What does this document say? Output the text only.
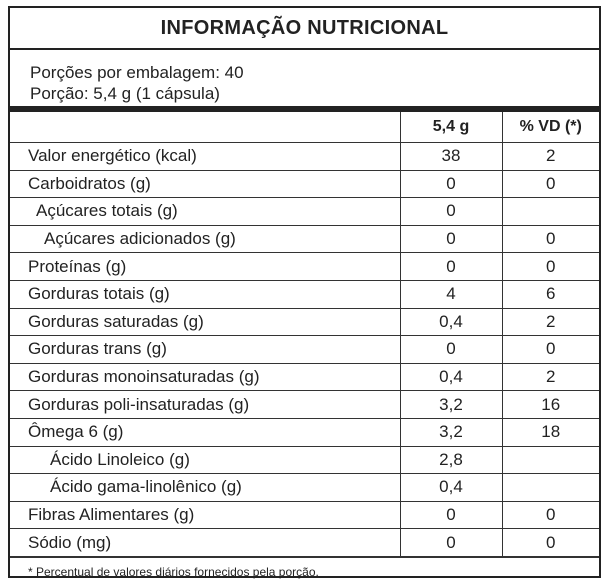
INFORMAÇÃO NUTRICIONAL
Porções por embalagem: 40
Porção: 5,4 g (1 cápsula)
	5,4 g	% VD (*)
Valor energético (kcal)	38	2
Carboidratos (g)	0	0
Açúcares totais (g)	0	
Açúcares adicionados (g)	0	0
Proteínas (g)	0	0
Gorduras totais (g)	4	6
Gorduras saturadas (g)	0,4	2
Gorduras trans (g)	0	0
Gorduras monoinsaturadas (g)	0,4	2
Gorduras poli-insaturadas (g)	3,2	16
Ômega 6 (g)	3,2	18
Ácido Linoleico (g)	2,8	
Ácido gama-linolênico (g)	0,4	
Fibras Alimentares (g)	0	0
Sódio (mg)	0	0
* Percentual de valores diários fornecidos pela porção.
